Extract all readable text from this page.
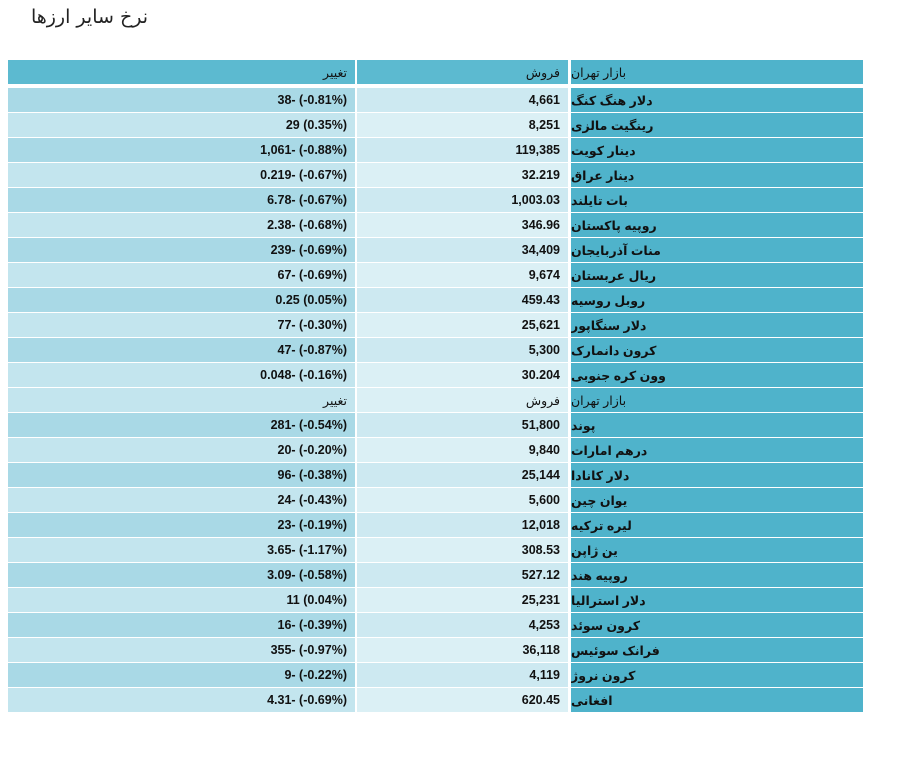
نرخ سایر ارزها
تغییر	فروش بازار تهران
38- (-0.81%)	4,661 دلار هنگ کنگ
29 (0.35%)	8,251 رینگیت مالزی
1,061- (-0.88%)	119,385 دینار کویت
0.219- (-0.67%)	32.219 دینار عراق
6.78- (-0.67%)	1,003.03 بات تایلند
2.38- (-0.68%)	346.96 روپیه پاکستان
239- (-0.69%)	34,409 منات آذربایجان
67- (-0.69%)	9,674 ریال عربستان
0.25 (0.05%)	459.43 روبل روسیه
77- (-0.30%)	25,621 دلار سنگاپور
47- (-0.87%)	5,300 کرون دانمارک
0.048- (-0.16%)	30.204 وون کره جنوبی
تغییر	فروش بازار تهران
281- (-0.54%)	51,800 پوند
20- (-0.20%)	9,840 درهم امارات
96- (-0.38%)	25,144 دلار کانادا
24- (-0.43%)	5,600 یوان چین
23- (-0.19%)	12,018 لیره ترکیه
3.65- (-1.17%)	308.53 ین ژاپن
3.09- (-0.58%)	527.12 روپیه هند
11 (0.04%)	25,231 دلار استرالیا
16- (-0.39%)	4,253 کرون سوئد
355- (-0.97%)	36,118 فرانک سوئیس
9- (-0.22%)	4,119 کرون نروژ
4.31- (-0.69%)	620.45 افغانی
